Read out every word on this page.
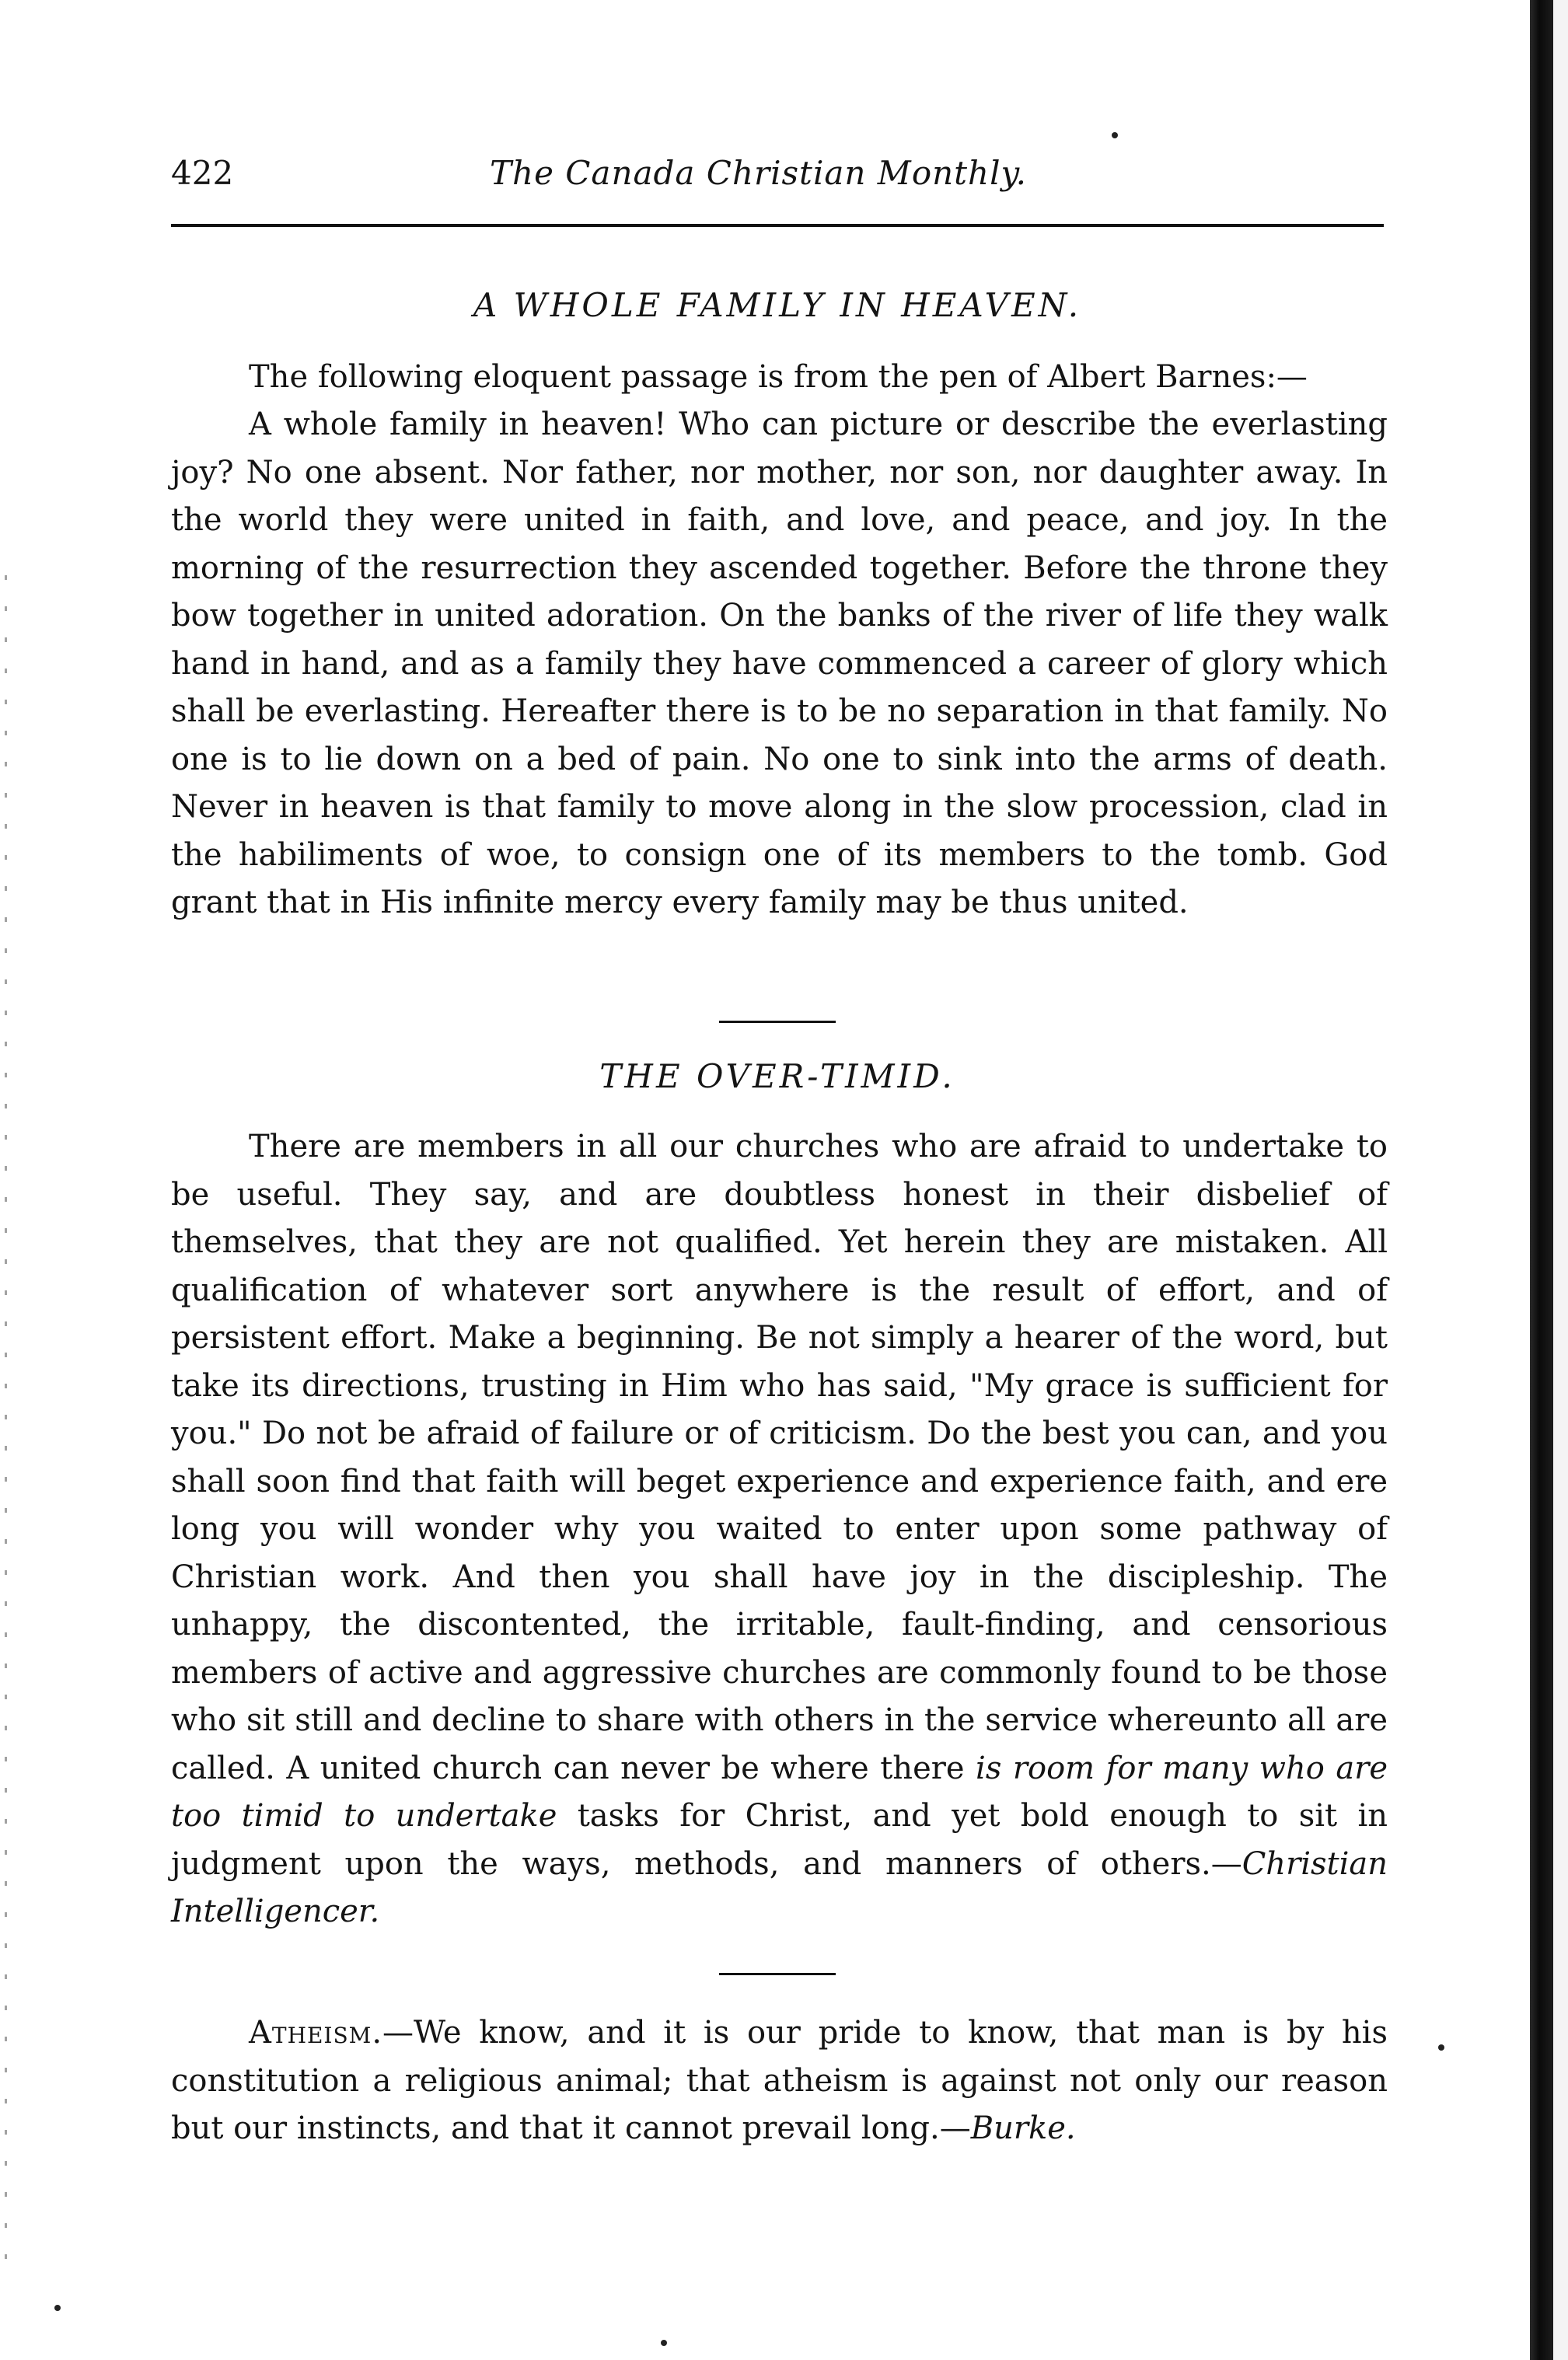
422	The Canada Christian Monthly.
A WHOLE FAMILY IN HEAVEN.

The following eloquent passage is from the pen of Albert Barnes:—

A whole family in heaven! Who can picture or describe the everlasting joy? No one absent. Nor father, nor mother, nor son, nor daughter away. In the world they were united in faith, and love, and peace, and joy. In the morning of the resurrection they ascended together. Before the throne they bow together in united adoration. On the banks of the river of life they walk hand in hand, and as a family they have commenced a career of glory which shall be everlasting. Hereafter there is to be no separation in that family. No one is to lie down on a bed of pain. No one to sink into the arms of death. Never in heaven is that family to move along in the slow procession, clad in the habiliments of woe, to consign one of its members to the tomb. God grant that in His infinite mercy every family may be thus united.

THE OVER-TIMID.

There are members in all our churches who are afraid to undertake to be useful. They say, and are doubtless honest in their disbelief of themselves, that they are not qualified. Yet herein they are mistaken. All qualification of whatever sort anywhere is the result of effort, and of persistent effort. Make a beginning. Be not simply a hearer of the word, but take its directions, trusting in Him who has said, "My grace is sufficient for you." Do not be afraid of failure or of criticism. Do the best you can, and you shall soon find that faith will beget experience and experience faith, and ere long you will wonder why you waited to enter upon some pathway of Christian work. And then you shall have joy in the discipleship. The unhappy, the discontented, the irritable, fault-finding, and censorious members of active and aggressive churches are commonly found to be those who sit still and decline to share with others in the service whereunto all are called. A united church can never be where there is room for many who are too timid to undertake tasks for Christ, and yet bold enough to sit in judgment upon the ways, methods, and manners of others.—Christian Intelligencer.

Atheism.—We know, and it is our pride to know, that man is by his constitution a religious animal; that atheism is against not only our reason but our instincts, and that it cannot prevail long.—Burke.
